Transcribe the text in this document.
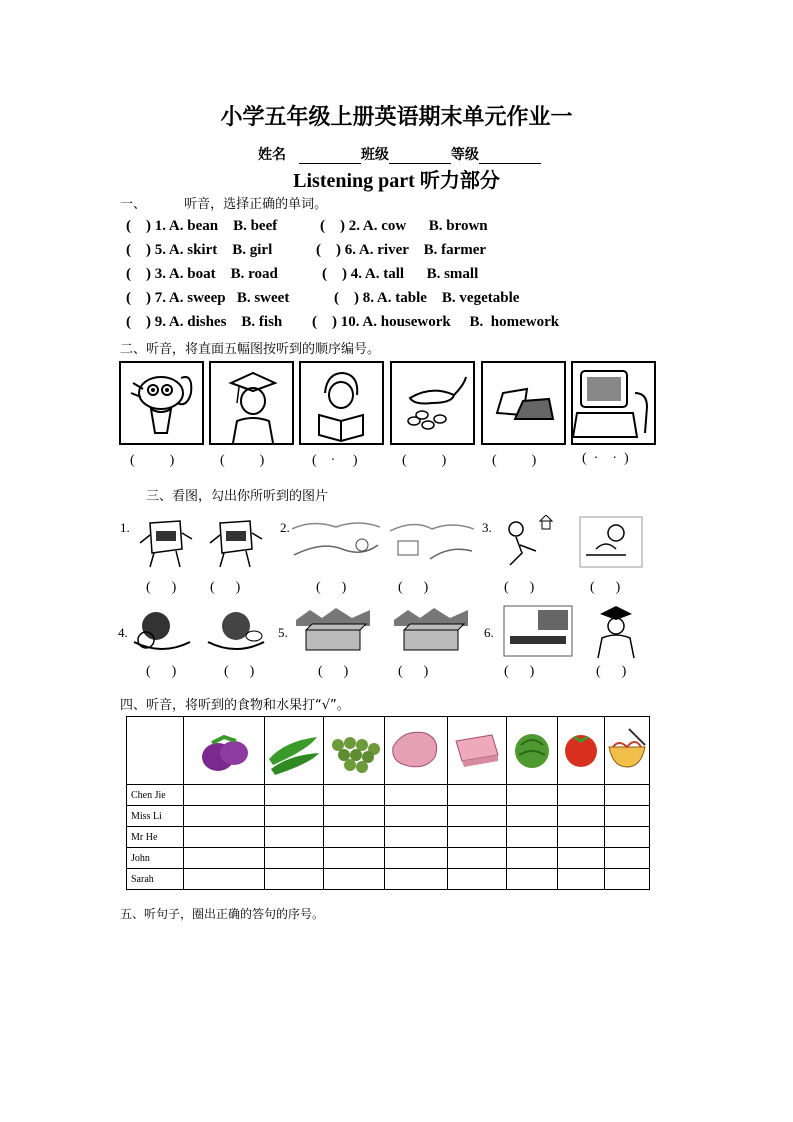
小学五年级上册英语期末单元作业一
姓名	班级	等级
Listening part 听力部分
一、	听音，选择正确的单词。
(    ) 1. A. bean    B. beef	(    ) 2. A. cow      B. brown
(    ) 5. A. skirt    B. girl	(    ) 6. A. river    B. farmer
(    ) 3. A. boat    B. road	(    ) 4. A. tall      B. small
(    ) 7. A. sweep   B. sweet	(    ) 8. A. table    B. vegetable
(    ) 9. A. dishes    B. fish (    ) 10. A. housework     B.  homework
二、听音，将直面五幅图按听到的顺序编号。
(          )	(          )	(    ·     )	(          )	(          )	(  ·    ·  )
三、看图，勾出你所听到的图片
1.	2.	3.
(      ) (      )	(      )	(      )	(      )	(      )
4.	5.	6.
(      )	(      )	(      )	(      )	(      )	(      )
四、听音，将听到的食物和水果打“√”。

Chen Jie								
Miss Li								
Mr He								
John								
Sarah								
五、听句子，圈出正确的答句的序号。
